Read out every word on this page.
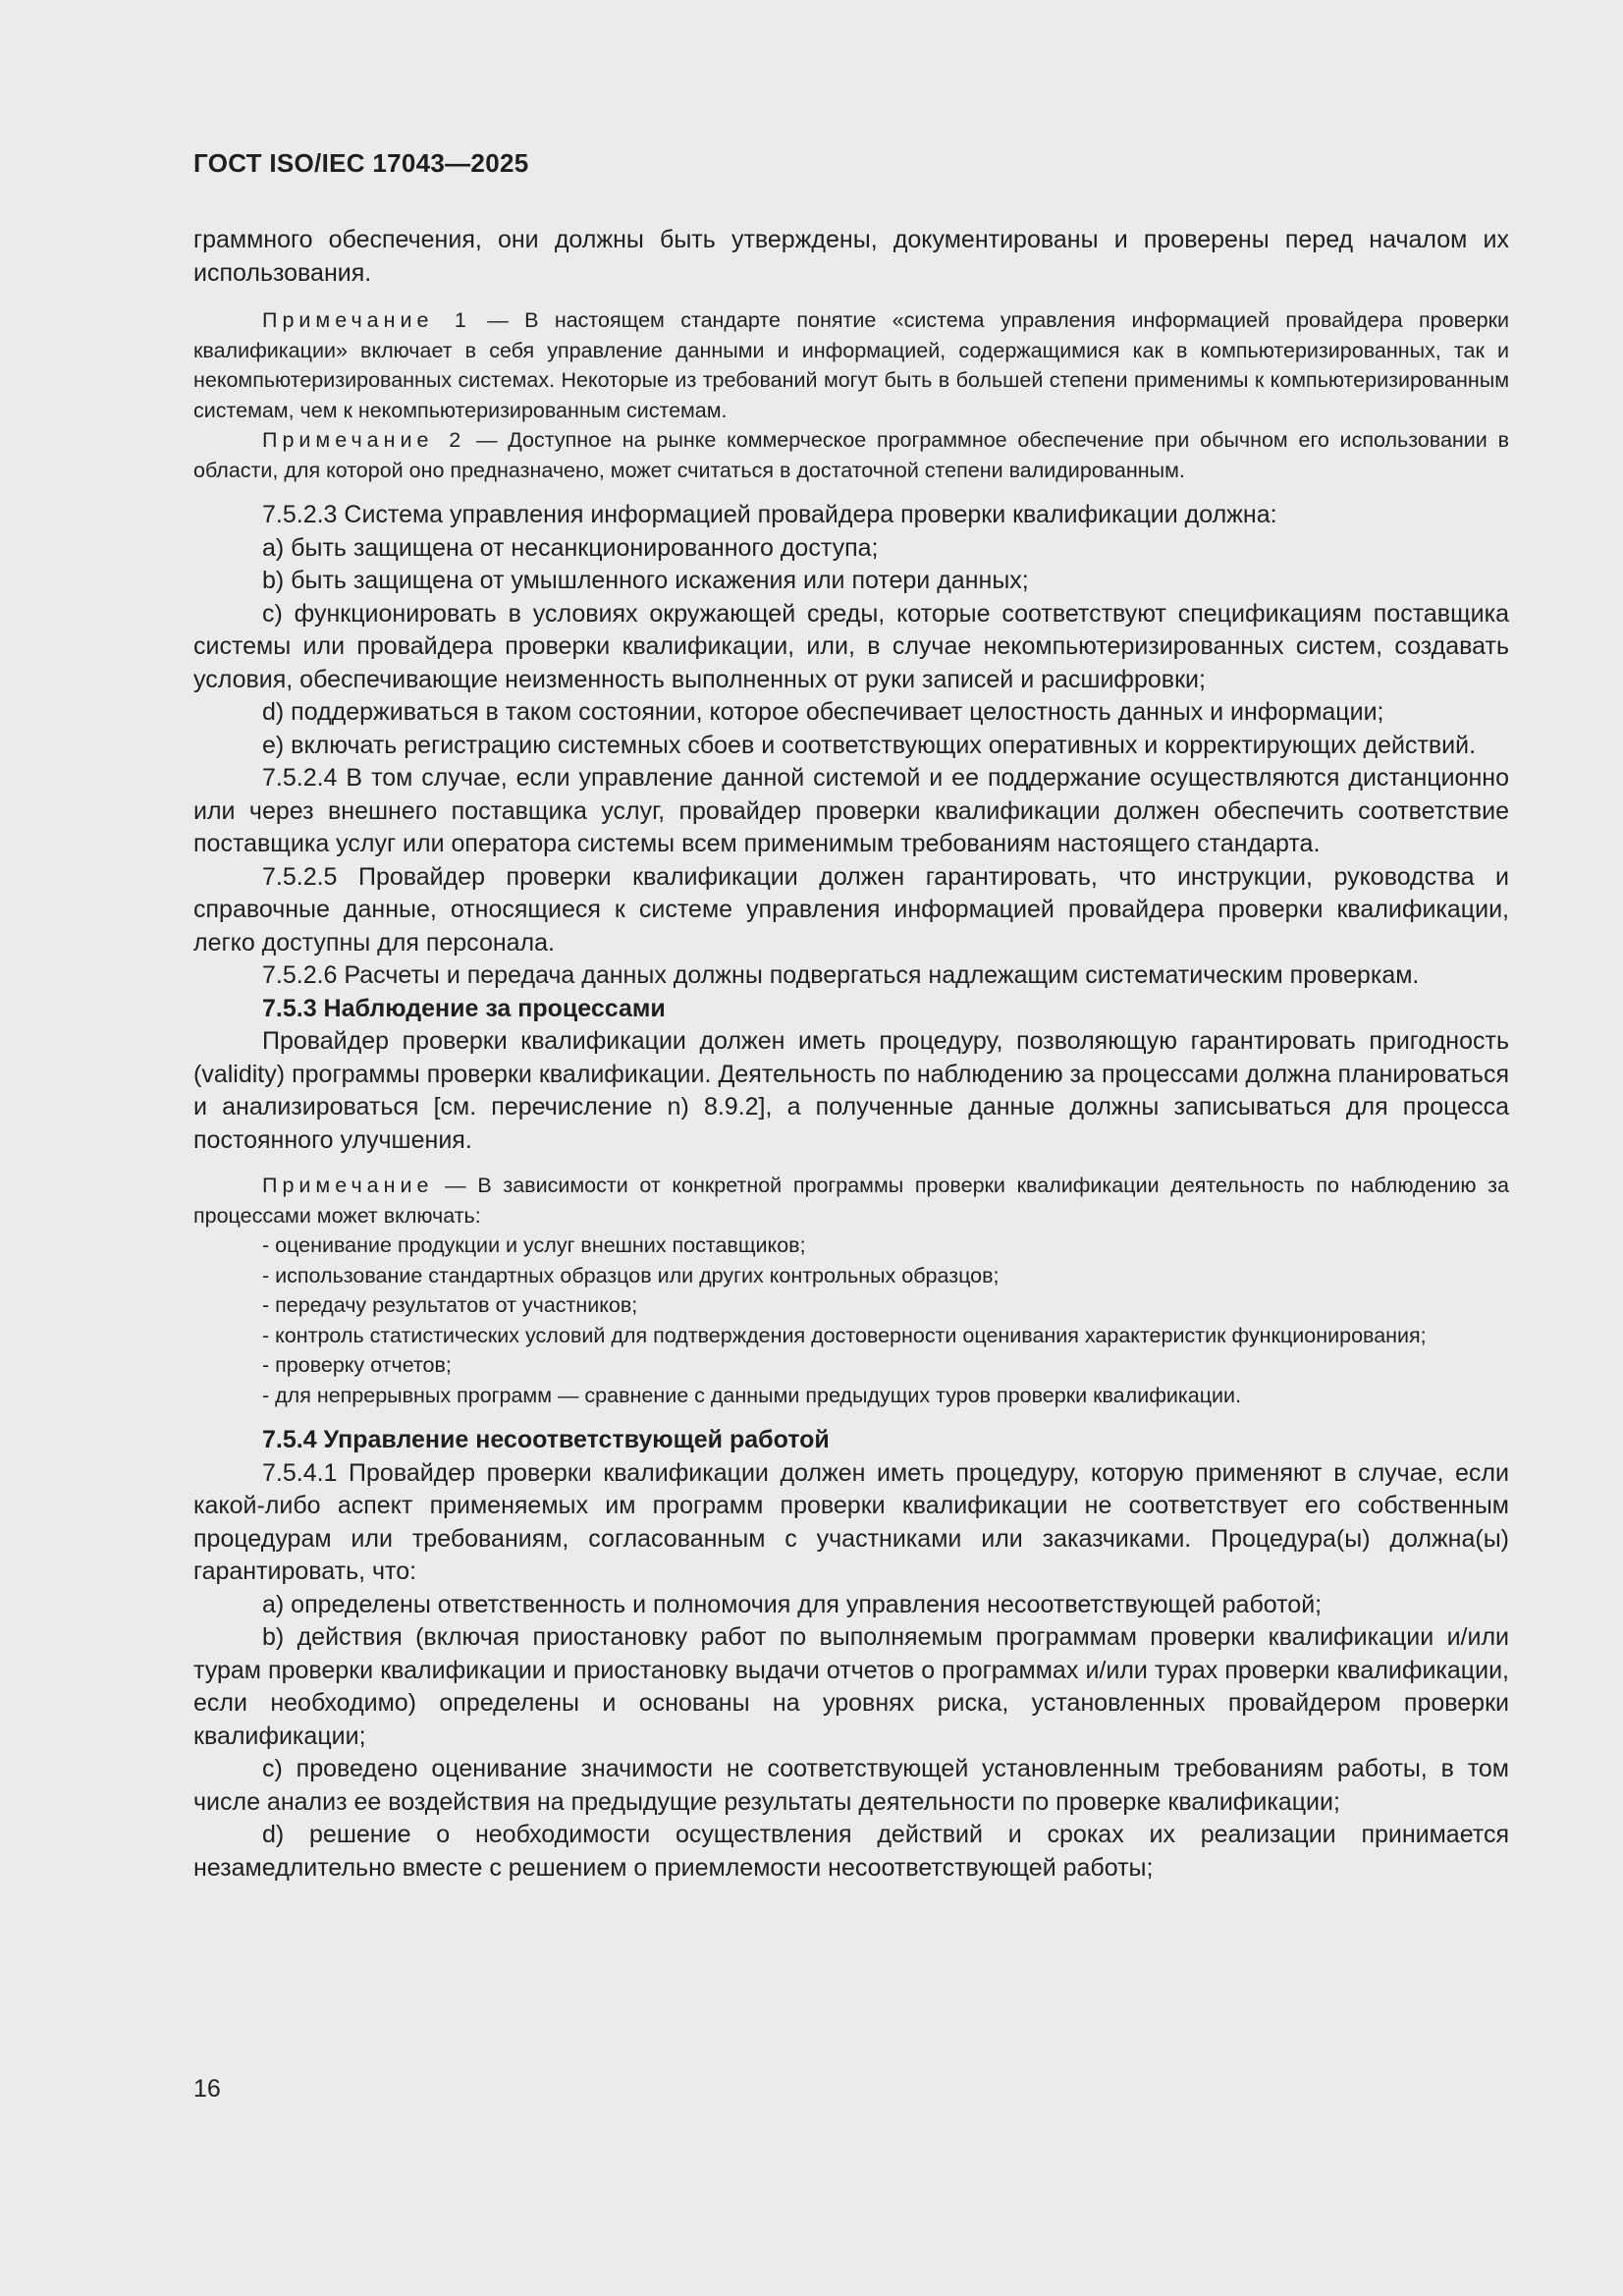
ГОСТ ISO/IEC 17043—2025

граммного обеспечения, они должны быть утверждены, документированы и проверены перед началом их использования.

Примечание 1 — В настоящем стандарте понятие «система управления информацией провайдера проверки квалификации» включает в себя управление данными и информацией, содержащимися как в компьютеризированных, так и некомпьютеризированных системах. Некоторые из требований могут быть в большей степени применимы к компьютеризированным системам, чем к некомпьютеризированным системам.

Примечание 2 — Доступное на рынке коммерческое программное обеспечение при обычном его использовании в области, для которой оно предназначено, может считаться в достаточной степени валидированным.

7.5.2.3 Система управления информацией провайдера проверки квалификации должна:

a) быть защищена от несанкционированного доступа;

b) быть защищена от умышленного искажения или потери данных;

c) функционировать в условиях окружающей среды, которые соответствуют спецификациям поставщика системы или провайдера проверки квалификации, или, в случае некомпьютеризированных систем, создавать условия, обеспечивающие неизменность выполненных от руки записей и расшифровки;

d) поддерживаться в таком состоянии, которое обеспечивает целостность данных и информации;

e) включать регистрацию системных сбоев и соответствующих оперативных и корректирующих действий.

7.5.2.4 В том случае, если управление данной системой и ее поддержание осуществляются дистанционно или через внешнего поставщика услуг, провайдер проверки квалификации должен обеспечить соответствие поставщика услуг или оператора системы всем применимым требованиям настоящего стандарта.

7.5.2.5 Провайдер проверки квалификации должен гарантировать, что инструкции, руководства и справочные данные, относящиеся к системе управления информацией провайдера проверки квалификации, легко доступны для персонала.

7.5.2.6 Расчеты и передача данных должны подвергаться надлежащим систематическим проверкам.

7.5.3 Наблюдение за процессами

Провайдер проверки квалификации должен иметь процедуру, позволяющую гарантировать пригодность (validity) программы проверки квалификации. Деятельность по наблюдению за процессами должна планироваться и анализироваться [см. перечисление n) 8.9.2], а полученные данные должны записываться для процесса постоянного улучшения.

Примечание — В зависимости от конкретной программы проверки квалификации деятельность по наблюдению за процессами может включать:

- оценивание продукции и услуг внешних поставщиков;

- использование стандартных образцов или других контрольных образцов;

- передачу результатов от участников;

- контроль статистических условий для подтверждения достоверности оценивания характеристик функционирования;

- проверку отчетов;

- для непрерывных программ — сравнение с данными предыдущих туров проверки квалификации.

7.5.4 Управление несоответствующей работой

7.5.4.1 Провайдер проверки квалификации должен иметь процедуру, которую применяют в случае, если какой-либо аспект применяемых им программ проверки квалификации не соответствует его собственным процедурам или требованиям, согласованным с участниками или заказчиками. Процедура(ы) должна(ы) гарантировать, что:

a) определены ответственность и полномочия для управления несоответствующей работой;

b) действия (включая приостановку работ по выполняемым программам проверки квалификации и/или турам проверки квалификации и приостановку выдачи отчетов о программах и/или турах проверки квалификации, если необходимо) определены и основаны на уровнях риска, установленных провайдером проверки квалификации;

c) проведено оценивание значимости не соответствующей установленным требованиям работы, в том числе анализ ее воздействия на предыдущие результаты деятельности по проверке квалификации;

d) решение о необходимости осуществления действий и сроках их реализации принимается незамедлительно вместе с решением о приемлемости несоответствующей работы;

16
